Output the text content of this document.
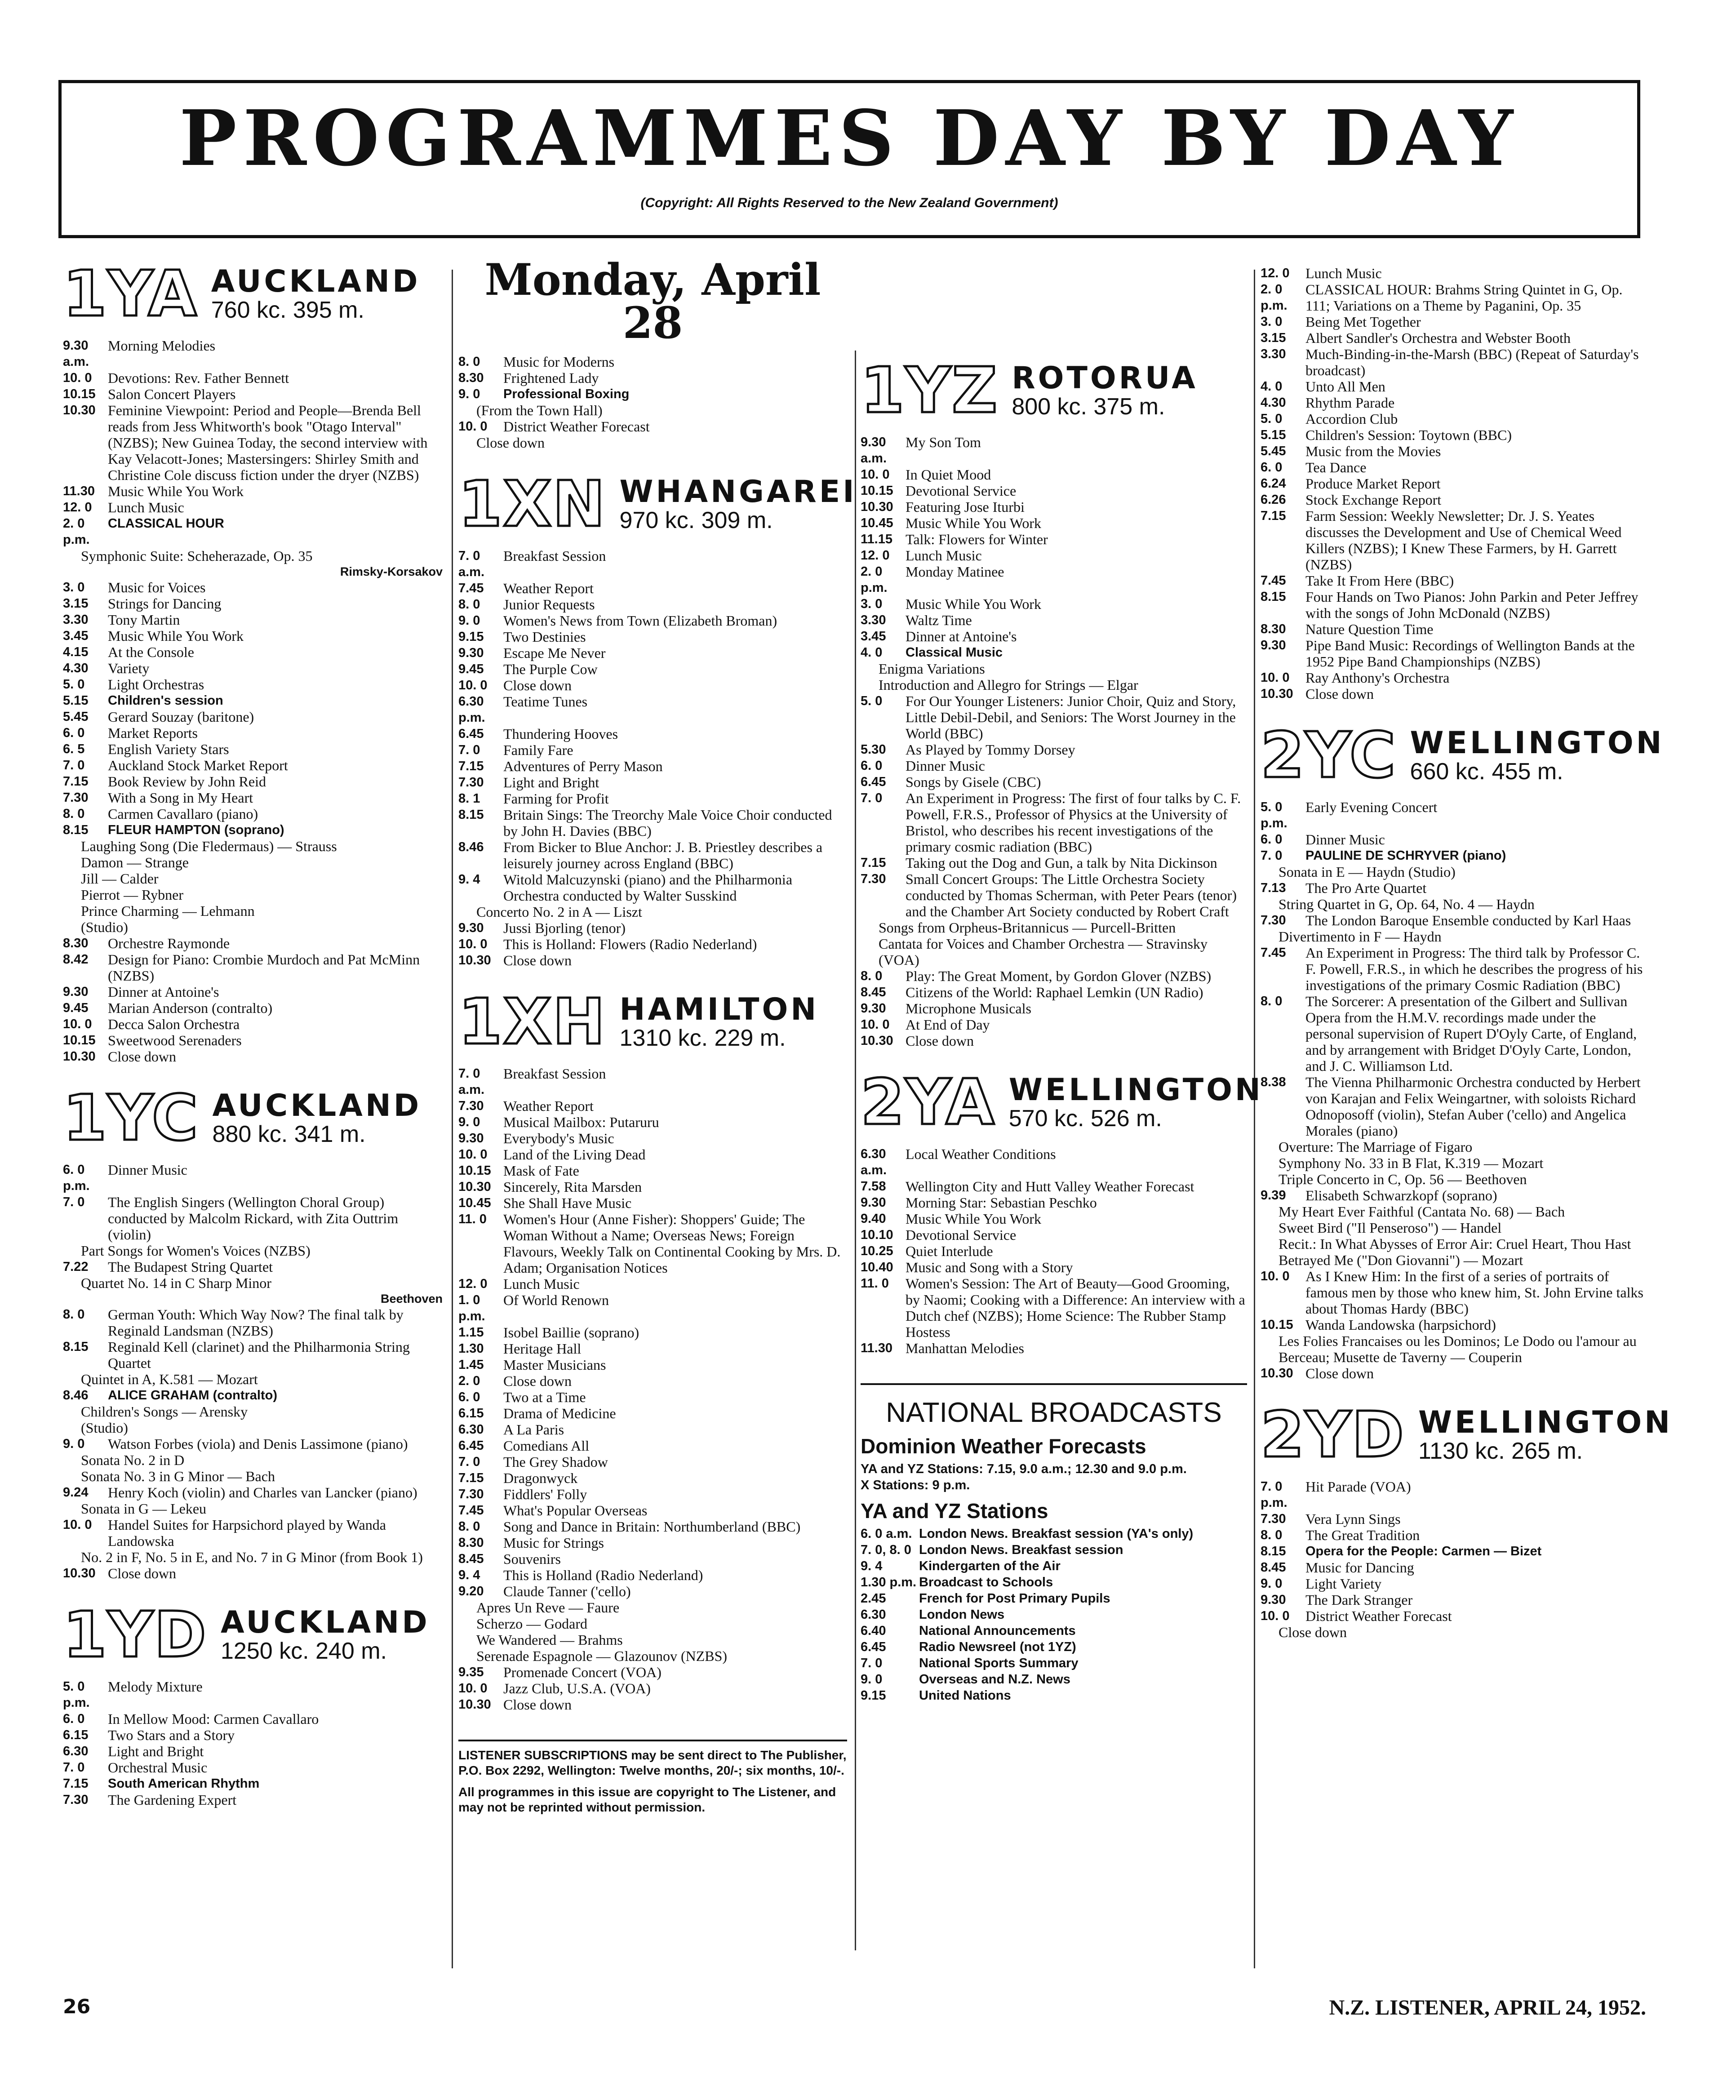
PROGRAMMES DAY BY DAY
(Copyright: All Rights Reserved to the New Zealand Government)
1YA AUCKLAND
760 kc. 395 m.
9.30 a.m.
Morning Melodies
10. 0	Devotions: Rev. Father Bennett
10.15 Salon Concert Players
10.30 Feminine Viewpoint: Period and People—Brenda Bell reads from Jess Whitworth's book "Otago Interval" (NZBS); New Guinea Today, the second interview with Kay Velacott-Jones; Mastersingers: Shirley Smith and Christine Cole discuss fiction under the dryer (NZBS)
11.30 Music While You Work
12. 0	Lunch Music
2. 0 p.m.
CLASSICAL HOUR
Symphonic Suite: Scheherazade, Op. 35
Rimsky-Korsakov
3. 0	Music for Voices
3.15	Strings for Dancing
3.30	Tony Martin
3.45	Music While You Work
4.15	At the Console
4.30	Variety
5. 0	Light Orchestras
5.15	Children's session
5.45	Gerard Souzay (baritone)
6. 0	Market Reports
6. 5	English Variety Stars
7. 0	Auckland Stock Market Report
7.15	Book Review by John Reid
7.30	With a Song in My Heart
8. 0	Carmen Cavallaro (piano)
8.15	FLEUR HAMPTON (soprano)
Laughing Song (Die Fledermaus) — Strauss
Damon — Strange
Jill — Calder
Pierrot — Rybner
Prince Charming — Lehmann
(Studio)
8.30	Orchestre Raymonde
8.42	Design for Piano: Crombie Murdoch and Pat McMinn (NZBS)
9.30	Dinner at Antoine's
9.45	Marian Anderson (contralto)
10. 0	Decca Salon Orchestra
10.15 Sweetwood Serenaders
10.30 Close down
1YC AUCKLAND
880 kc. 341 m.
6. 0 p.m.
Dinner Music
7. 0	The English Singers (Wellington Choral Group) conducted by Malcolm Rickard, with Zita Outtrim (violin)
Part Songs for Women's Voices (NZBS)
7.22	The Budapest String Quartet
Quartet No. 14 in C Sharp Minor
Beethoven
8. 0	German Youth: Which Way Now? The final talk by Reginald Landsman (NZBS)
8.15	Reginald Kell (clarinet) and the Philharmonia String Quartet
Quintet in A, K.581 — Mozart
8.46	ALICE GRAHAM (contralto)
Children's Songs — Arensky
(Studio)
9. 0	Watson Forbes (viola) and Denis Lassimone (piano)
Sonata No. 2 in D
Sonata No. 3 in G Minor — Bach
9.24	Henry Koch (violin) and Charles van Lancker (piano)
Sonata in G — Lekeu
10. 0	Handel Suites for Harpsichord played by Wanda Landowska
No. 2 in F, No. 5 in E, and No. 7 in G Minor (from Book 1)
10.30 Close down
1YD AUCKLAND
1250 kc. 240 m.
5. 0 p.m.
Melody Mixture
6. 0	In Mellow Mood: Carmen Cavallaro
6.15	Two Stars and a Story
6.30	Light and Bright
7. 0	Orchestral Music
7.15	South American Rhythm
7.30	The Gardening Expert
Monday, April 28
8. 0	Music for Moderns
8.30	Frightened Lady
9. 0	Professional Boxing
(From the Town Hall)
10. 0	District Weather Forecast
Close down
1XN WHANGAREI
970 kc. 309 m.
7. 0 a.m.
Breakfast Session
7.45	Weather Report
8. 0	Junior Requests
9. 0	Women's News from Town (Elizabeth Broman)
9.15	Two Destinies
9.30	Escape Me Never
9.45	The Purple Cow
10. 0	Close down
6.30 p.m.
Teatime Tunes
6.45	Thundering Hooves
7. 0	Family Fare
7.15	Adventures of Perry Mason
7.30	Light and Bright
8. 1	Farming for Profit
8.15	Britain Sings: The Treorchy Male Voice Choir conducted by John H. Davies (BBC)
8.46	From Bicker to Blue Anchor: J. B. Priestley describes a leisurely journey across England (BBC)
9. 4	Witold Malcuzynski (piano) and the Philharmonia Orchestra conducted by Walter Susskind
Concerto No. 2 in A — Liszt
9.30	Jussi Bjorling (tenor)
10. 0	This is Holland: Flowers (Radio Nederland)
10.30 Close down
1XH HAMILTON
1310 kc. 229 m.
7. 0 a.m.
Breakfast Session
7.30	Weather Report
9. 0	Musical Mailbox: Putaruru
9.30	Everybody's Music
10. 0	Land of the Living Dead
10.15 Mask of Fate
10.30 Sincerely, Rita Marsden
10.45 She Shall Have Music
11. 0	Women's Hour (Anne Fisher): Shoppers' Guide; The Woman Without a Name; Overseas News; Foreign Flavours, Weekly Talk on Continental Cooking by Mrs. D. Adam; Organisation Notices
12. 0	Lunch Music
1. 0 p.m.
Of World Renown
1.15	Isobel Baillie (soprano)
1.30	Heritage Hall
1.45	Master Musicians
2. 0	Close down
6. 0	Two at a Time
6.15	Drama of Medicine
6.30	A La Paris
6.45	Comedians All
7. 0	The Grey Shadow
7.15	Dragonwyck
7.30	Fiddlers' Folly
7.45	What's Popular Overseas
8. 0	Song and Dance in Britain: Northumberland (BBC)
8.30	Music for Strings
8.45	Souvenirs
9. 4	This is Holland (Radio Nederland)
9.20	Claude Tanner ('cello)
Apres Un Reve — Faure
Scherzo — Godard
We Wandered — Brahms
Serenade Espagnole — Glazounov (NZBS)
9.35	Promenade Concert (VOA)
10. 0	Jazz Club, U.S.A. (VOA)
10.30 Close down
LISTENER SUBSCRIPTIONS may be sent direct to The Publisher, P.O. Box 2292, Wellington: Twelve months, 20/-; six months, 10/-.
All programmes in this issue are copyright to The Listener, and may not be reprinted without permission.
1YZ ROTORUA
800 kc. 375 m.
9.30 a.m.
My Son Tom
10. 0	In Quiet Mood
10.15 Devotional Service
10.30 Featuring Jose Iturbi
10.45 Music While You Work
11.15 Talk: Flowers for Winter
12. 0	Lunch Music
2. 0 p.m.
Monday Matinee
3. 0	Music While You Work
3.30	Waltz Time
3.45	Dinner at Antoine's
4. 0	Classical Music
Enigma Variations
Introduction and Allegro for Strings — Elgar
5. 0	For Our Younger Listeners: Junior Choir, Quiz and Story, Little Debil-Debil, and Seniors: The Worst Journey in the World (BBC)
5.30	As Played by Tommy Dorsey
6. 0	Dinner Music
6.45	Songs by Gisele (CBC)
7. 0	An Experiment in Progress: The first of four talks by C. F. Powell, F.R.S., Professor of Physics at the University of Bristol, who describes his recent investigations of the primary cosmic radiation (BBC)
7.15	Taking out the Dog and Gun, a talk by Nita Dickinson
7.30	Small Concert Groups: The Little Orchestra Society conducted by Thomas Scherman, with Peter Pears (tenor) and the Chamber Art Society conducted by Robert Craft
Songs from Orpheus-Britannicus — Purcell-Britten
Cantata for Voices and Chamber Orchestra — Stravinsky (VOA)
8. 0	Play: The Great Moment, by Gordon Glover (NZBS)
8.45	Citizens of the World: Raphael Lemkin (UN Radio)
9.30	Microphone Musicals
10. 0	At End of Day
10.30 Close down
2YA WELLINGTON
570 kc. 526 m.
6.30 a.m.
Local Weather Conditions
7.58	Wellington City and Hutt Valley Weather Forecast
9.30	Morning Star: Sebastian Peschko
9.40	Music While You Work
10.10 Devotional Service
10.25 Quiet Interlude
10.40 Music and Song with a Story
11. 0	Women's Session: The Art of Beauty—Good Grooming, by Naomi; Cooking with a Difference: An interview with a Dutch chef (NZBS); Home Science: The Rubber Stamp Hostess
11.30 Manhattan Melodies
NATIONAL BROADCASTS
Dominion Weather Forecasts
YA and YZ Stations: 7.15, 9.0 a.m.; 12.30 and 9.0 p.m.
X Stations: 9 p.m.
YA and YZ Stations
6. 0 a.m. London News. Breakfast session (YA's only)
7. 0, 8. 0 London News. Breakfast session
9. 4	Kindergarten of the Air
1.30 p.m. Broadcast to Schools
2.45	French for Post Primary Pupils
6.30	London News
6.40	National Announcements
6.45	Radio Newsreel (not 1YZ)
7. 0	National Sports Summary
9. 0	Overseas and N.Z. News
9.15	United Nations
12. 0	Lunch Music
2. 0 p.m.
CLASSICAL HOUR: Brahms String Quintet in G, Op. 111; Variations on a Theme by Paganini, Op. 35
3. 0	Being Met Together
3.15	Albert Sandler's Orchestra and Webster Booth
3.30	Much-Binding-in-the-Marsh (BBC) (Repeat of Saturday's broadcast)
4. 0	Unto All Men
4.30	Rhythm Parade
5. 0	Accordion Club
5.15	Children's Session: Toytown (BBC)
5.45	Music from the Movies
6. 0	Tea Dance
6.24	Produce Market Report
6.26	Stock Exchange Report
7.15	Farm Session: Weekly Newsletter; Dr. J. S. Yeates discusses the Development and Use of Chemical Weed Killers (NZBS); I Knew These Farmers, by H. Garrett (NZBS)
7.45	Take It From Here (BBC)
8.15	Four Hands on Two Pianos: John Parkin and Peter Jeffrey with the songs of John McDonald (NZBS)
8.30	Nature Question Time
9.30	Pipe Band Music: Recordings of Wellington Bands at the 1952 Pipe Band Championships (NZBS)
10. 0	Ray Anthony's Orchestra
10.30 Close down
2YC WELLINGTON
660 kc. 455 m.
5. 0 p.m.
Early Evening Concert
6. 0	Dinner Music
7. 0	PAULINE DE SCHRYVER (piano)
Sonata in E — Haydn (Studio)
7.13	The Pro Arte Quartet
String Quartet in G, Op. 64, No. 4 — Haydn
7.30	The London Baroque Ensemble conducted by Karl Haas
Divertimento in F — Haydn
7.45	An Experiment in Progress: The third talk by Professor C. F. Powell, F.R.S., in which he describes the progress of his investigations of the primary Cosmic Radiation (BBC)
8. 0	The Sorcerer: A presentation of the Gilbert and Sullivan Opera from the H.M.V. recordings made under the personal supervision of Rupert D'Oyly Carte, of England, and by arrangement with Bridget D'Oyly Carte, London, and J. C. Williamson Ltd.
8.38	The Vienna Philharmonic Orchestra conducted by Herbert von Karajan and Felix Weingartner, with soloists Richard Odnoposoff (violin), Stefan Auber ('cello) and Angelica Morales (piano)
Overture: The Marriage of Figaro
Symphony No. 33 in B Flat, K.319 — Mozart
Triple Concerto in C, Op. 56 — Beethoven
9.39	Elisabeth Schwarzkopf (soprano)
My Heart Ever Faithful (Cantata No. 68) — Bach
Sweet Bird ("Il Penseroso") — Handel
Recit.: In What Abysses of Error Air: Cruel Heart, Thou Hast Betrayed Me ("Don Giovanni") — Mozart
10. 0	As I Knew Him: In the first of a series of portraits of famous men by those who knew him, St. John Ervine talks about Thomas Hardy (BBC)
10.15 Wanda Landowska (harpsichord)
Les Folies Francaises ou les Dominos; Le Dodo ou l'amour au Berceau; Musette de Taverny — Couperin
10.30 Close down
2YD WELLINGTON
1130 kc. 265 m.
7. 0 p.m.
Hit Parade (VOA)
7.30	Vera Lynn Sings
8. 0	The Great Tradition
8.15	Opera for the People: Carmen — Bizet
8.45	Music for Dancing
9. 0	Light Variety
9.30	The Dark Stranger
10. 0	District Weather Forecast
Close down
26	N.Z. LISTENER, APRIL 24, 1952.
